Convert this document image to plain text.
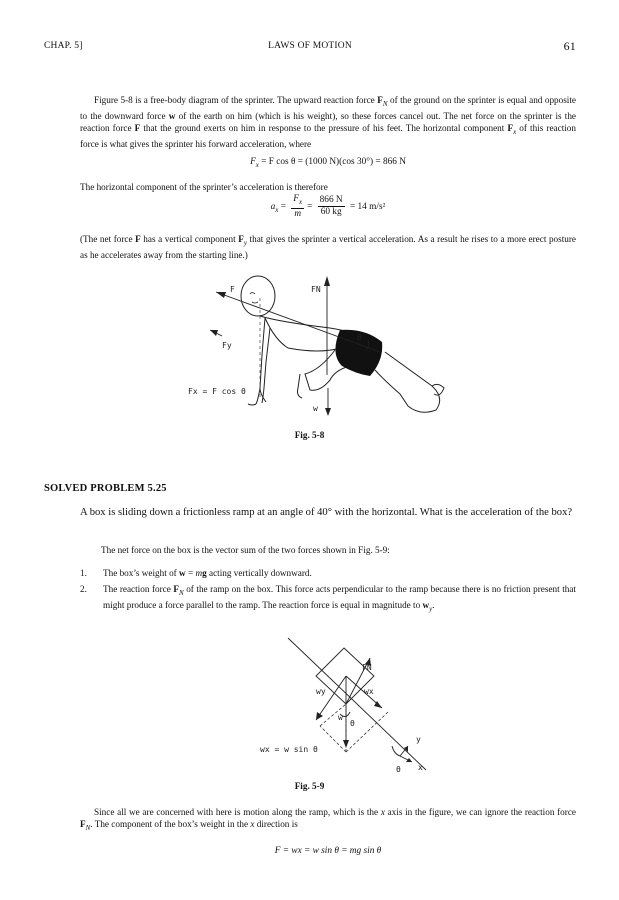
CHAP. 5]	LAWS OF MOTION	61
Figure 5-8 is a free-body diagram of the sprinter. The upward reaction force $F_N$ of the ground on the sprinter is equal and opposite to the downward force w of the earth on him (which is his weight), so these forces cancel out. The net force on the sprinter is the reaction force F that the ground exerts on him in response to the pressure of his feet. The horizontal component $F_x$ of this reaction force is what gives the sprinter his forward acceleration, where
$F_x = F$ cos θ = (1000 N)(cos 30°) = 866 N
The horizontal component of the sprinter’s acceleration is therefore
$a_x = \frac{F_x}{m} = \frac{866 N}{60 kg} = 14$ m/s²
(The net force F has a vertical component $F_y$ that gives the sprinter a vertical acceleration. As a result he rises to a more erect posture as he accelerates away from the starting line.)
F	FN
Fy
θ
w
Fx = F cos θ
Fig. 5-8
SOLVED PROBLEM 5.25
A box is sliding down a frictionless ramp at an angle of 40° with the horizontal. What is the acceleration of the box?
The net force on the box is the vector sum of the two forces shown in Fig. 5-9:
1. The box’s weight of w = mg acting vertically downward.
2. The reaction force $F_N$ of the ramp on the box. This force acts perpendicular to the ramp because there is no friction present that might produce a force parallel to the ramp. The reaction force is equal in magnitude to $w_y$.
FN
wy	wx
w
θ
y
x
θ
wx = w sin θ
Fig. 5-9
Since all we are concerned with here is motion along the ramp, which is the x axis in the figure, we can ignore the reaction force $F_N$. The component of the box’s weight in the x direction is
F = wx = w sin θ = mg sin θ
